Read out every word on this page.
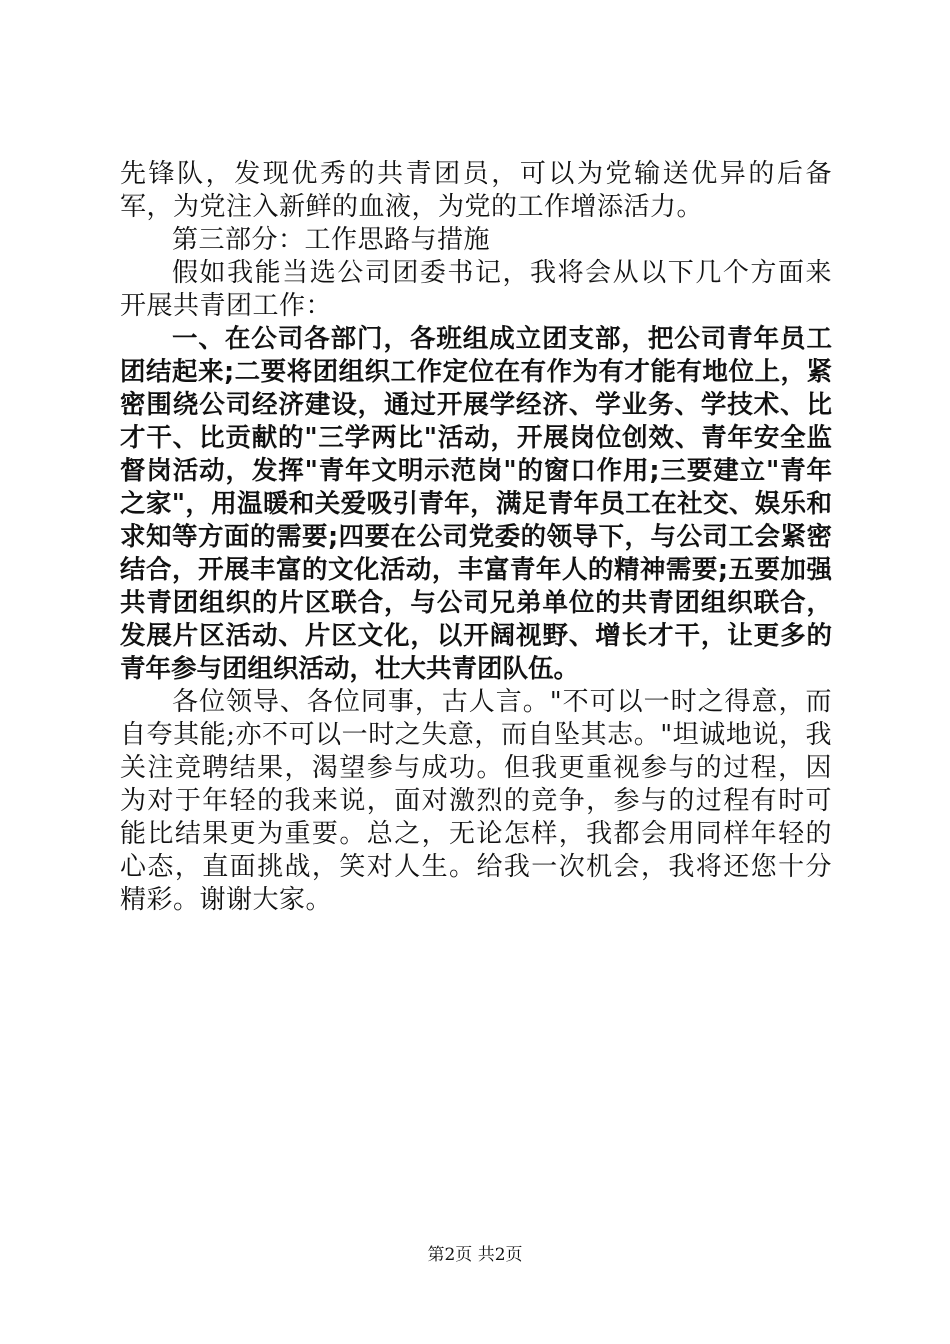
先锋队，发现优秀的共青团员，可以为党输送优异的后备军，为党注入新鲜的血液，为党的工作增添活力。

第三部分：工作思路与措施

假如我能当选公司团委书记，我将会从以下几个方面来开展共青团工作：

一、在公司各部门，各班组成立团支部，把公司青年员工团结起来;二要将团组织工作定位在有作为有才能有地位上，紧密围绕公司经济建设，通过开展学经济、学业务、学技术、比才干、比贡献的"三学两比"活动，开展岗位创效、青年安全监督岗活动，发挥"青年文明示范岗"的窗口作用;三要建立"青年之家"，用温暖和关爱吸引青年，满足青年员工在社交、娱乐和求知等方面的需要;四要在公司党委的领导下，与公司工会紧密结合，开展丰富的文化活动，丰富青年人的精神需要;五要加强共青团组织的片区联合，与公司兄弟单位的共青团组织联合，发展片区活动、片区文化，以开阔视野、增长才干，让更多的青年参与团组织活动，壮大共青团队伍。

各位领导、各位同事，古人言。"不可以一时之得意，而自夸其能;亦不可以一时之失意，而自坠其志。"坦诚地说，我关注竞聘结果，渴望参与成功。但我更重视参与的过程，因为对于年轻的我来说，面对激烈的竞争，参与的过程有时可能比结果更为重要。总之，无论怎样，我都会用同样年轻的心态，直面挑战，笑对人生。给我一次机会，我将还您十分精彩。谢谢大家。

第2页 共2页
